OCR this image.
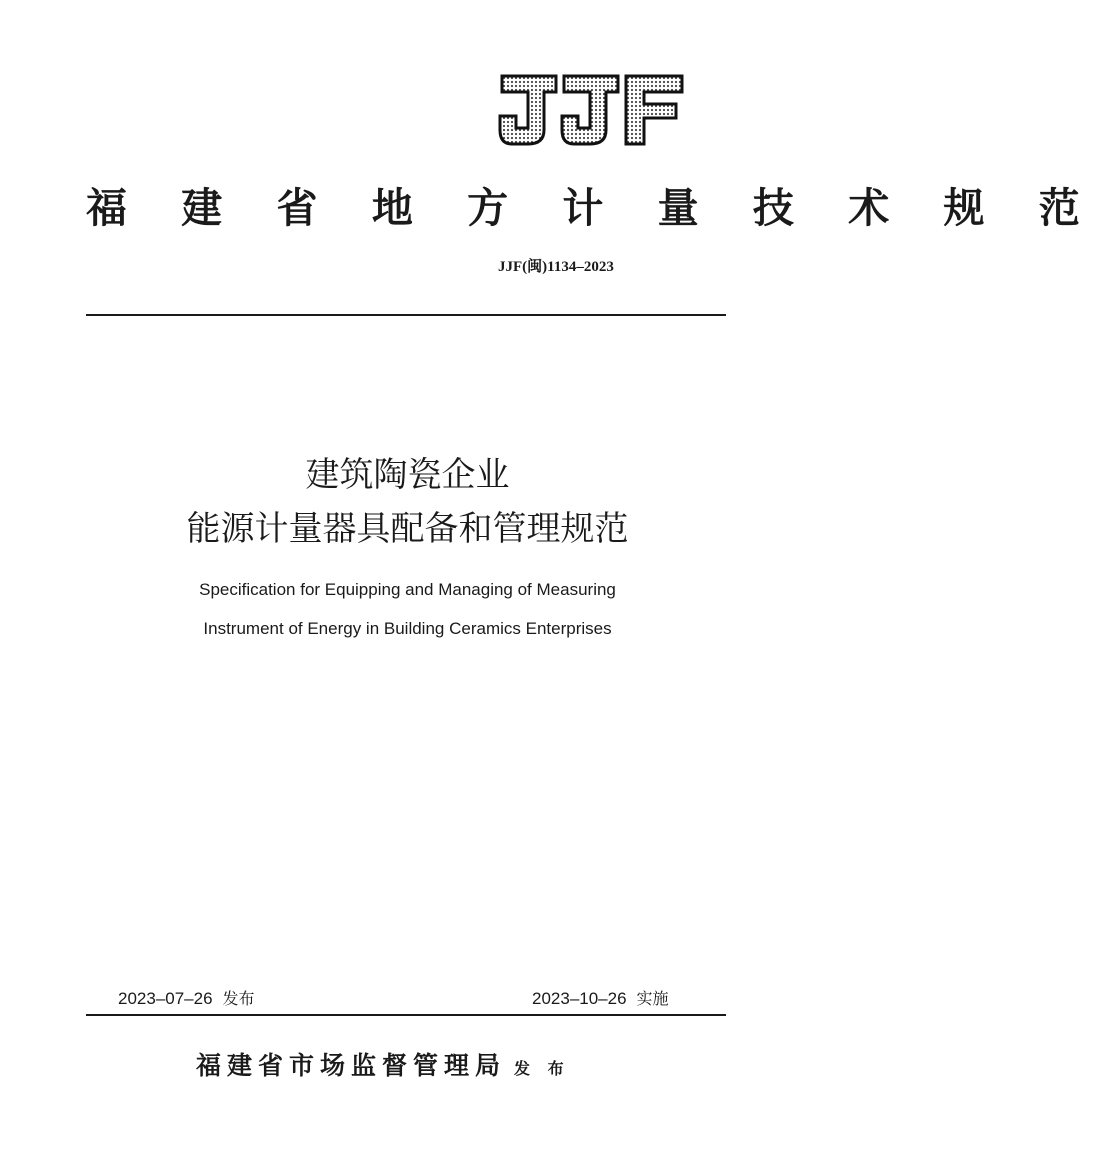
福 建 省 地 方 计 量 技 术 规 范
JJF(闽)1134–2023
建筑陶瓷企业
能源计量器具配备和管理规范
Specification for Equipping and Managing of Measuring
Instrument of Energy in Building Ceramics Enterprises
2023–07–26 发布	2023–10–26 实施
福建省市场监督管理局 发 布
